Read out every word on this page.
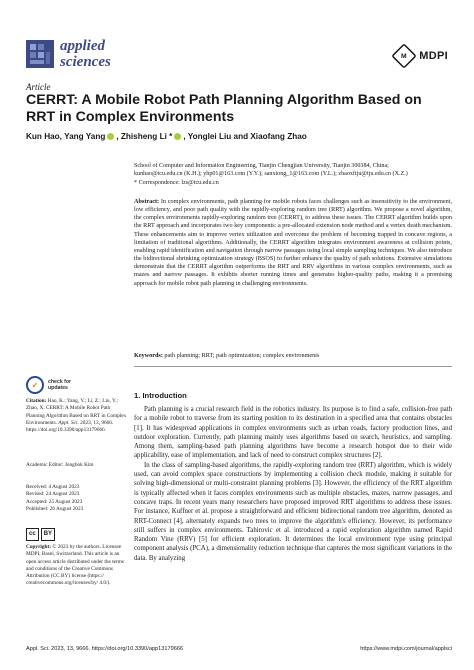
applied
sciences	M MDPI
Article
CERRT: A Mobile Robot Path Planning Algorithm Based on RRT in Complex Environments
Kun Hao, Yang Yang , Zhisheng Li * , Yonglei Liu and Xiaofang Zhao
School of Computer and Information Engineering, Tianjin Chengjian University, Tianjin 300384, China;
kunhao@tcu.edu.cn (K.H.); yhp01@163.com (Y.Y.); sanxiong_1@163.com (Y.L.); zhaoxftju@tju.edu.cn (X.Z.)
* Correspondence: lzs@tcu.edu.cn
Abstract: In complex environments, path planning for mobile robots faces challenges such as insensitivity to the environment, low efficiency, and poor path quality with the rapidly-exploring random tree (RRT) algorithm. We propose a novel algorithm, the complex environments rapidly-exploring random tree (CERRT), to address these issues. The CERRT algorithm builds upon the RRT approach and incorporates two key components: a pre-allocated extension node method and a vertex death mechanism. These enhancements aim to improve vertex utilization and overcome the problem of becoming trapped in concave regions, a limitation of traditional algorithms. Additionally, the CERRT algorithm integrates environment awareness at collision points, enabling rapid identification and navigation through narrow passages using local simple sampling techniques. We also introduce the bidirectional shrinking optimization strategy (BSOS) to further enhance the quality of path solutions. Extensive simulations demonstrate that the CERRT algorithm outperforms the RRT and RRV algorithms in various complex environments, such as mazes and narrow passages. It exhibits shorter running times and generates higher-quality paths, making it a promising approach for mobile robot path planning in challenging environments.
Keywords: path planning; RRT; path optimization; complex environments
✓	check for
updates
Citation: Hao, K.; Yang, Y.; Li, Z.; Liu, Y.; Zhao, X. CERRT: A Mobile Robot Path Planning Algorithm Based on RRT in Complex Environments. Appl. Sci. 2023, 13, 9666. https://doi.org/10.3390/app13179666
Academic Editor: Jongbok Kim
Received: 4 August 2023
Revised: 24 August 2023
Accepted: 25 August 2023
Published: 26 August 2023
cc	BY
Copyright: © 2023 by the authors. Licensee MDPI, Basel, Switzerland. This article is an open access article distributed under the terms and conditions of the Creative Commons Attribution (CC BY) license (https:// creativecommons.org/licenses/by/ 4.0/).
1. Introduction

Path planning is a crucial research field in the robotics industry. Its purpose is to find a safe, collision-free path for a mobile robot to traverse from its starting position to its destination in a specified area that contains obstacles [1]. It has widespread applications in complex environments such as urban roads, factory production lines, and outdoor exploration. Currently, path planning mainly uses algorithms based on search, heuristics, and sampling. Among them, sampling-based path planning algorithms have become a research hotspot due to their wide applicability, ease of implementation, and lack of need to construct complex structures [2].

In the class of sampling-based algorithms, the rapidly-exploring random tree (RRT) algorithm, which is widely used, can avoid complex space constructions by implementing a collision check module, making it suitable for solving high-dimensional or multi-constraint planning problems [3]. However, the efficiency of the RRT algorithm is typically affected when it faces complex environments such as multiple obstacles, mazes, narrow passages, and concave traps. In recent years many researchers have proposed improved RRT algorithms to address these issues. For instance, Kuffner et al. propose a straightforward and efficient bidirectional random tree algorithm, denoted as RRT-Connect [4], alternately expands two trees to improve the algorithm's efficiency. However, its performance still suffers in complex environments. Tahirovic et al. introduced a rapid exploration algorithm named Rapid Random Vine (RRV) [5] for efficient exploration. It determines the local environment type using principal component analysis (PCA), a dimensionality reduction technique that captures the most significant variations in the data. By analyzing

Appl. Sci. 2023, 13, 9666. https://doi.org/10.3390/app13179666	https://www.mdpi.com/journal/applsci
